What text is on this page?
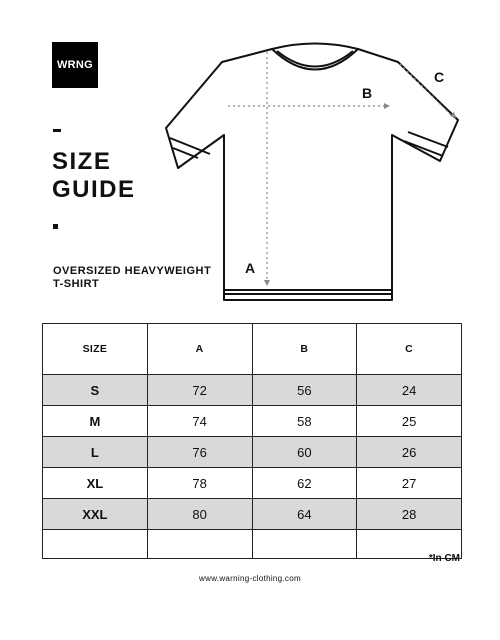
WRNG
SIZE
GUIDE
OVERSIZED HEAVYWEIGHT
T-SHIRT
A
B
C
SIZE	A	B	C
S	72	56	24
M	74	58	25
L	76	60	26
XL	78	62	27
XXL	80	64	28

*In CM
www.warning-clothing.com
